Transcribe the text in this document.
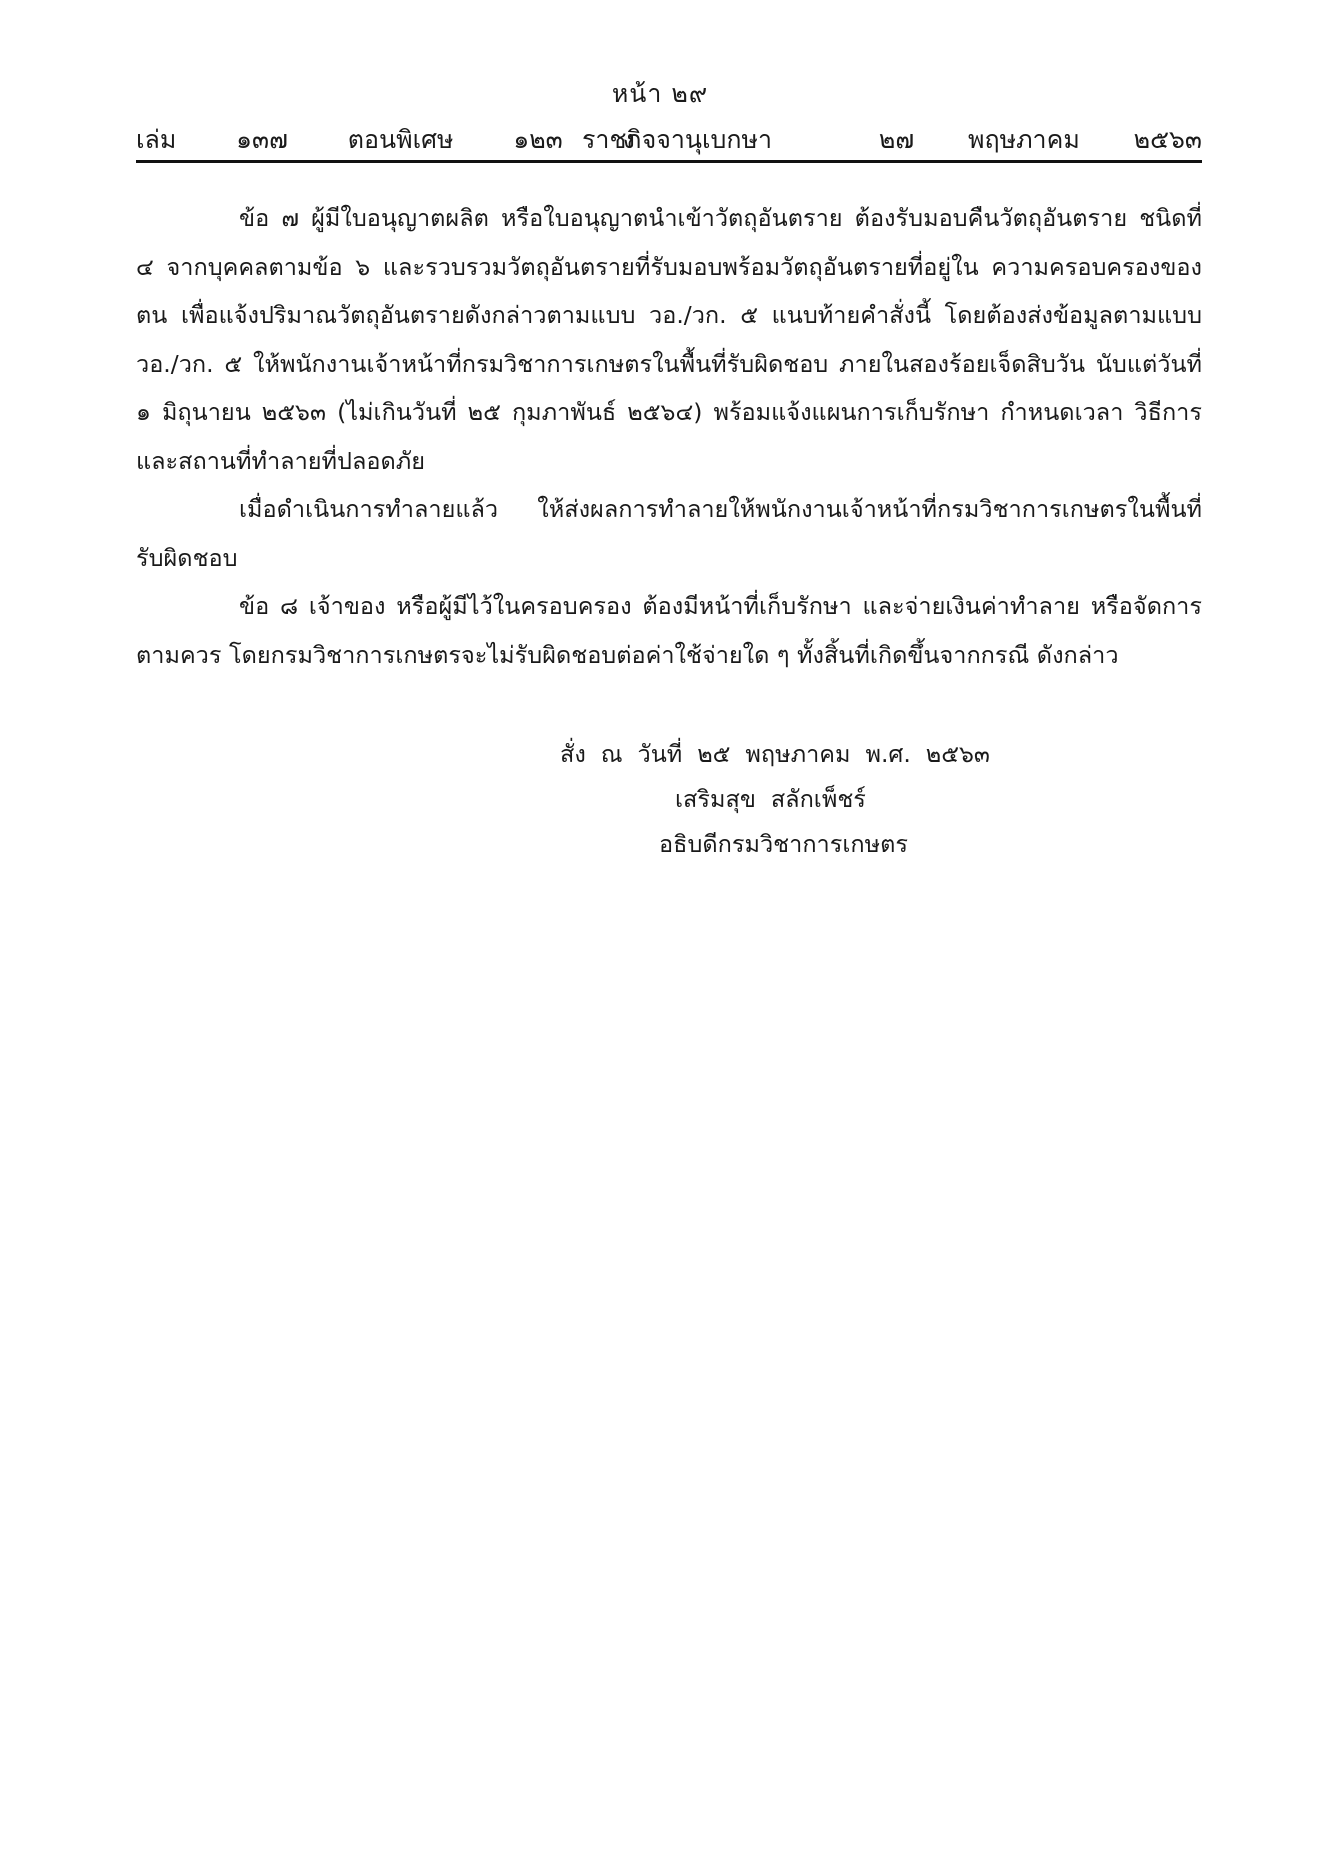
หน้า ๒๙
เล่ม   ๑๓๗   ตอนพิเศษ   ๑๒๓   ง
ราชกิจจานุเบกษา	๒๗   พฤษภาคม   ๒๕๖๓

ข้อ ๗ ผู้มีใบอนุญาตผลิต หรือใบอนุญาตนำเข้าวัตถุอันตราย ต้องรับมอบคืนวัตถุอันตราย ชนิดที่ ๔ จากบุคคลตามข้อ ๖ และรวบรวมวัตถุอันตรายที่รับมอบพร้อมวัตถุอันตรายที่อยู่ใน ความครอบครองของตน เพื่อแจ้งปริมาณวัตถุอันตรายดังกล่าวตามแบบ วอ./วก. ๕ แนบท้ายคำสั่งนี้ โดยต้องส่งข้อมูลตามแบบ วอ./วก. ๕ ให้พนักงานเจ้าหน้าที่กรมวิชาการเกษตรในพื้นที่รับผิดชอบ ภายในสองร้อยเจ็ดสิบวัน นับแต่วันที่ ๑ มิถุนายน ๒๕๖๓ (ไม่เกินวันที่ ๒๕ กุมภาพันธ์ ๒๕๖๔) พร้อมแจ้งแผนการเก็บรักษา กำหนดเวลา วิธีการและสถานที่ทำลายที่ปลอดภัย

เมื่อดำเนินการทำลายแล้ว ให้ส่งผลการทำลายให้พนักงานเจ้าหน้าที่กรมวิชาการเกษตรในพื้นที่ รับผิดชอบ

ข้อ ๘ เจ้าของ หรือผู้มีไว้ในครอบครอง ต้องมีหน้าที่เก็บรักษา และจ่ายเงินค่าทำลาย หรือจัดการตามควร โดยกรมวิชาการเกษตรจะไม่รับผิดชอบต่อค่าใช้จ่ายใด ๆ ทั้งสิ้นที่เกิดขึ้นจากกรณี ดังกล่าว

สั่ง  ณ  วันที่  ๒๕  พฤษภาคม  พ.ศ.  ๒๕๖๓
เสริมสุข  สลักเพ็ชร์
อธิบดีกรมวิชาการเกษตร
